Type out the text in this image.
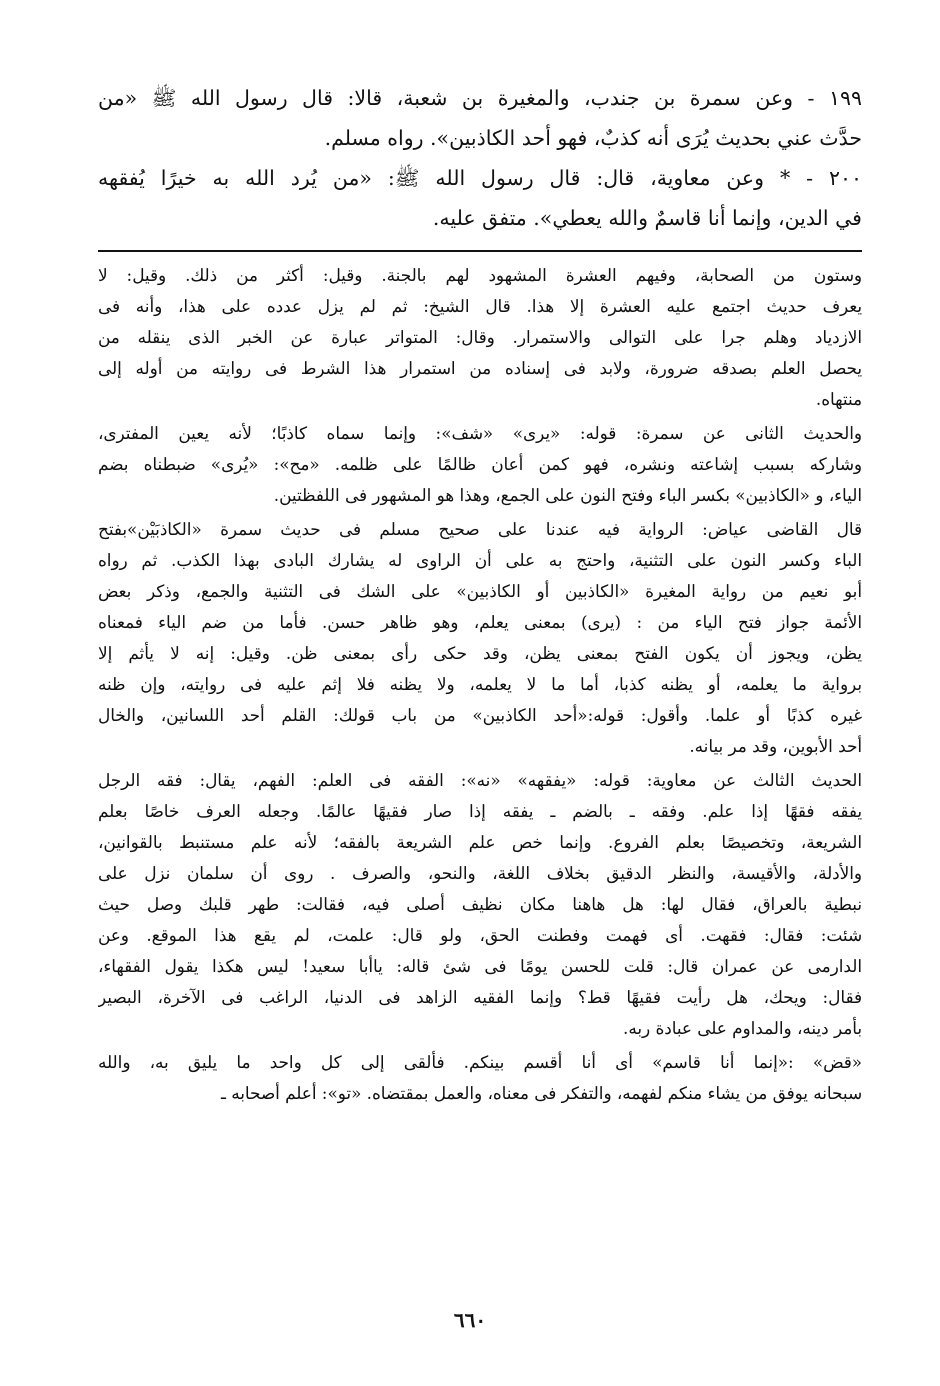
١٩٩ - وعن سمرة بن جندب، والمغيرة بن شعبة، قالا: قال رسول الله ﷺ «من
حدَّث عني بحديث يُرَى أنه كذبٌ، فهو أحد الكاذبين». رواه مسلم.
٢٠٠ - * وعن معاوية، قال: قال رسول الله ﷺ: «من يُرد الله به خيرًا يُفقهه
في الدين، وإنما أنا قاسمٌ والله يعطي». متفق عليه.
وستون من الصحابة، وفيهم العشرة المشهود لهم بالجنة. وقيل: أكثر من ذلك. وقيل: لا
يعرف حديث اجتمع عليه العشرة إلا هذا. قال الشيخ: ثم لم يزل عدده على هذا، وأنه فى
الازدياد وهلم جرا على التوالى والاستمرار. وقال: المتواتر عبارة عن الخبر الذى ينقله من
يحصل العلم بصدقه ضرورة، ولابد فى إسناده من استمرار هذا الشرط فى روايته من أوله إلى
منتهاه.
والحديث الثانى عن سمرة: قوله: «يرى» «شف»: وإنما سماه كاذبًا؛ لأنه يعين المفترى،
وشاركه بسبب إشاعته ونشره، فهو كمن أعان ظالمًا على ظلمه. «مح»: «يُرى» ضبطناه بضم
الياء، و «الكاذبين» بكسر الباء وفتح النون على الجمع، وهذا هو المشهور فى اللفظتين.
قال القاضى عياض: الرواية فيه عندنا على صحيح مسلم فى حديث سمرة «الكاذبَيْن»بفتح
الباء وكسر النون على التثنية، واحتج به على أن الراوى له يشارك البادى بهذا الكذب. ثم رواه
أبو نعيم من رواية المغيرة «الكاذبين أو الكاذبين» على الشك فى التثنية والجمع، وذكر بعض
الأئمة جواز فتح الياء من : (يرى) بمعنى يعلم، وهو ظاهر حسن. فأما من ضم الياء فمعناه
يظن، ويجوز أن يكون الفتح بمعنى يظن، وقد حكى رأى بمعنى ظن. وقيل: إنه لا يأثم إلا
برواية ما يعلمه، أو يظنه كذبا، أما ما لا يعلمه، ولا يظنه فلا إثم عليه فى روايته، وإن ظنه
غيره كذبًا أو علما. وأقول: قوله:«أحد الكاذبين» من باب قولك: القلم أحد اللسانين، والخال
أحد الأبوين، وقد مر بيانه.
الحديث الثالث عن معاوية: قوله: «يفقهه» «نه»: الفقه فى العلم: الفهم، يقال: فقه الرجل
يفقه فقهًا إذا علم. وفقه ـ بالضم ـ يفقه إذا صار فقيهًا عالمًا. وجعله العرف خاصًا بعلم
الشريعة، وتخصيصًا بعلم الفروع. وإنما خص علم الشريعة بالفقه؛ لأنه علم مستنبط بالقوانين،
والأدلة، والأقيسة، والنظر الدقيق بخلاف اللغة، والنحو، والصرف . روى أن سلمان نزل على
نبطية بالعراق، فقال لها: هل هاهنا مكان نظيف أصلى فيه، فقالت: طهر قلبك وصل حيث
شئت: فقال: فقهت. أى فهمت وفطنت الحق، ولو قال: علمت، لم يقع هذا الموقع. وعن
الدارمى عن عمران قال: قلت للحسن يومًا فى شئ قاله: ياأبا سعيد! ليس هكذا يقول الفقهاء،
فقال: ويحك، هل رأيت فقيهًا قط؟ وإنما الفقيه الزاهد فى الدنيا، الراغب فى الآخرة، البصير
بأمر دينه، والمداوم على عبادة ربه.
«قض» :«إنما أنا قاسم» أى أنا أقسم بينكم. فألقى إلى كل واحد ما يليق به، والله
سبحانه يوفق من يشاء منكم لفهمه، والتفكر فى معناه، والعمل بمقتضاه. «تو»: أعلم أصحابه ـ
٦٦٠
